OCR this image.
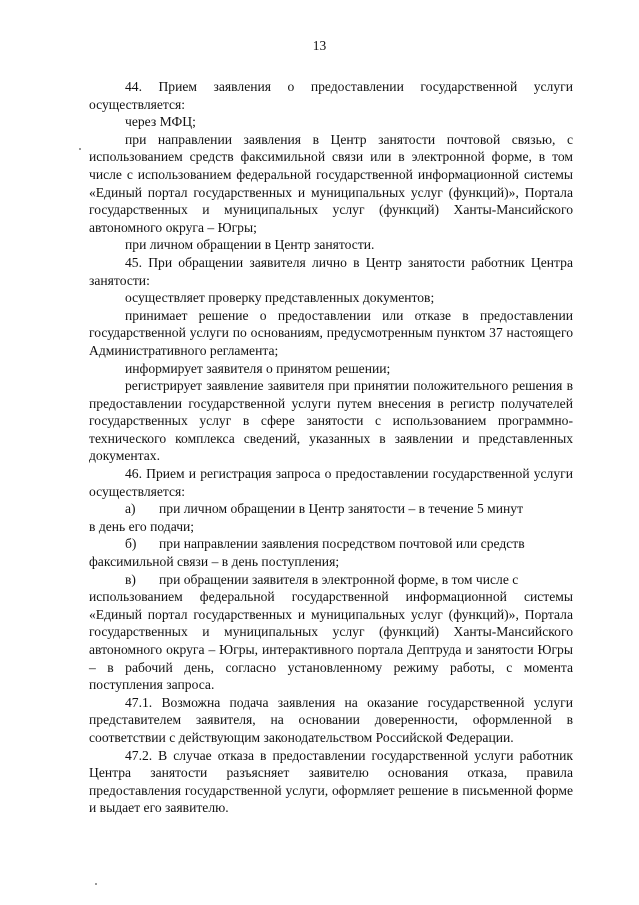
13

44. Прием заявления о предоставлении государственной услуги осуществляется:

через МФЦ;

при направлении заявления в Центр занятости почтовой связью, с использованием средств факсимильной связи или в электронной форме, в том числе с использованием федеральной государственной информационной системы «Единый портал государственных и муниципальных услуг (функций)», Портала государственных и муниципальных услуг (функций) Ханты-Мансийского автономного округа – Югры;

при личном обращении в Центр занятости.

45. При обращении заявителя лично в Центр занятости работник Центра занятости:

осуществляет проверку представленных документов;

принимает решение о предоставлении или отказе в предоставлении государственной услуги по основаниям, предусмотренным пунктом 37 настоящего Административного регламента;

информирует заявителя о принятом решении;

регистрирует заявление заявителя при принятии положительного решения в предоставлении государственной услуги путем внесения в регистр получателей государственных услуг в сфере занятости с использованием программно-технического комплекса сведений, указанных в заявлении и представленных документах.

46. Прием и регистрация запроса о предоставлении государственной услуги осуществляется:

а)	при личном обращении в Центр занятости – в течение 5 минут

в день его подачи;

б)	при направлении заявления посредством почтовой или средств

факсимильной связи – в день поступления;

в)	при обращении заявителя в электронной форме, в том числе с

использованием федеральной государственной информационной системы «Единый портал государственных и муниципальных услуг (функций)», Портала государственных и муниципальных услуг (функций) Ханты-Мансийского автономного округа – Югры, интерактивного портала Дептруда и занятости Югры – в рабочий день, согласно установленному режиму работы, с момента поступления запроса.

47.1. Возможна подача заявления на оказание государственной услуги представителем заявителя, на основании доверенности, оформленной в соответствии с действующим законодательством Российской Федерации.

47.2. В случае отказа в предоставлении государственной услуги работник Центра занятости разъясняет заявителю основания отказа, правила предоставления государственной услуги, оформляет решение в письменной форме и выдает его заявителю.
